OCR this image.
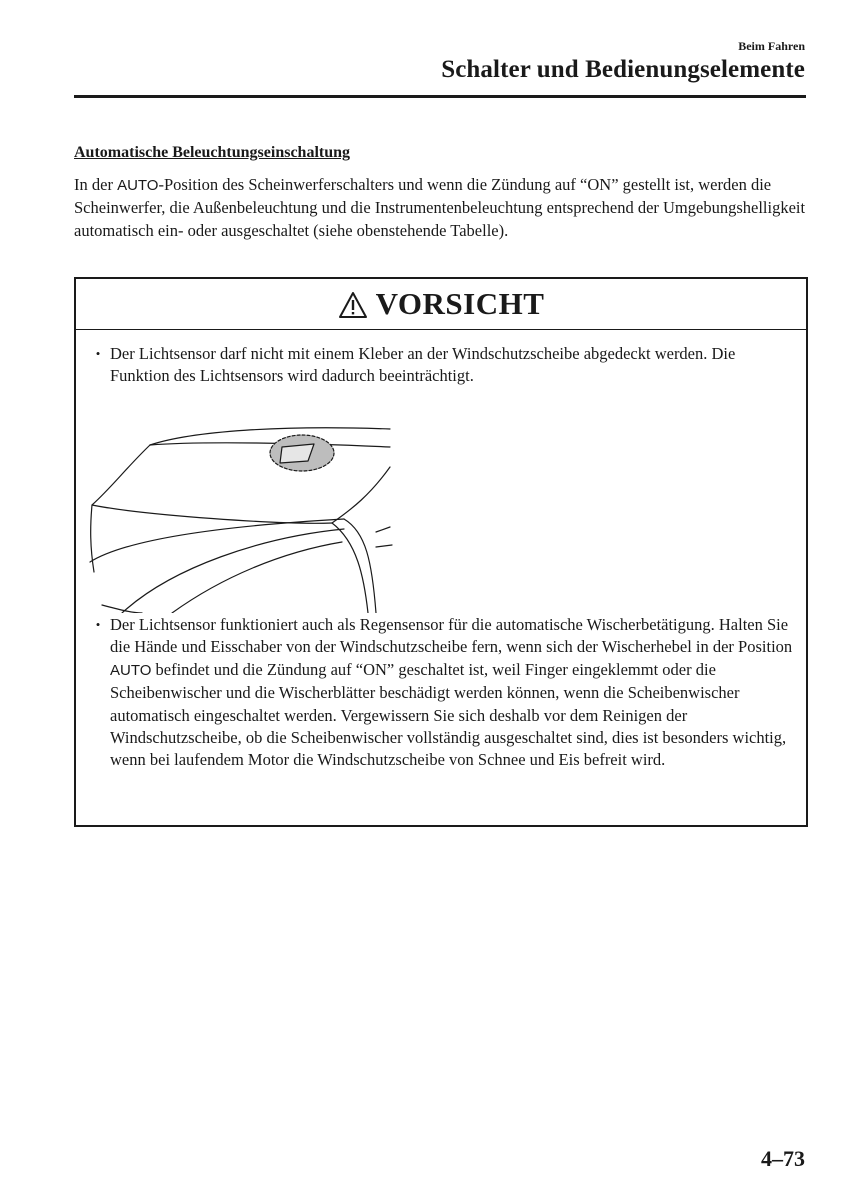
Beim Fahren
Schalter und Bedienungselemente
Automatische Beleuchtungseinschaltung

In der AUTO-Position des Scheinwerferschalters und wenn die Zündung auf “ON” gestellt ist, werden die Scheinwerfer, die Außenbeleuchtung und die Instrumentenbeleuchtung entsprechend der Umgebungshelligkeit automatisch ein- oder ausgeschaltet (siehe obenstehende Tabelle).

VORSICHT
• Der Lichtsensor darf nicht mit einem Kleber an der Windschutzscheibe abgedeckt werden. Die Funktion des Lichtsensors wird dadurch beeinträchtigt.
• Der Lichtsensor funktioniert auch als Regensensor für die automatische Wischerbetätigung. Halten Sie die Hände und Eisschaber von der Windschutzscheibe fern, wenn sich der Wischerhebel in der Position AUTO befindet und die Zündung auf “ON” geschaltet ist, weil Finger eingeklemmt oder die Scheibenwischer und die Wischerblätter beschädigt werden können, wenn die Scheibenwischer automatisch eingeschaltet werden. Vergewissern Sie sich deshalb vor dem Reinigen der Windschutzscheibe, ob die Scheibenwischer vollständig ausgeschaltet sind, dies ist besonders wichtig, wenn bei laufendem Motor die Windschutzscheibe von Schnee und Eis befreit wird.
4–73
